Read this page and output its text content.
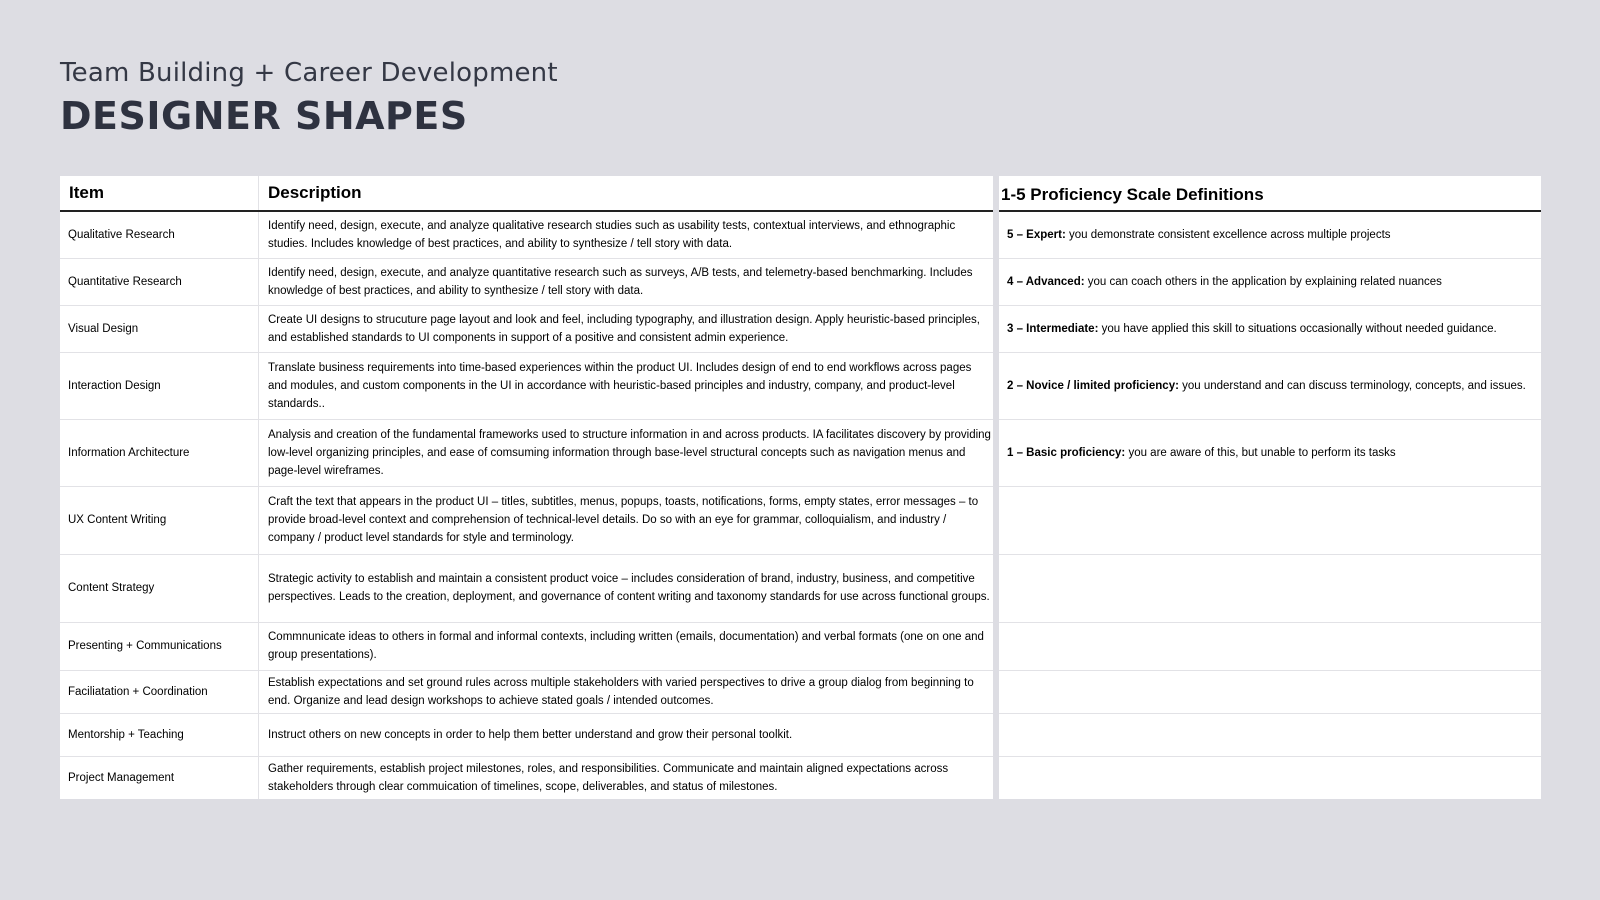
Team Building + Career Development
DESIGNER SHAPES
Item	Description
Qualitative Research	Identify need, design, execute, and analyze qualitative research studies such as usability tests, contextual interviews, and ethnographic studies. Includes knowledge of best practices, and ability to synthesize / tell story with data.
Quantitative Research	Identify need, design, execute, and analyze quantitative research such as surveys, A/B tests, and telemetry-based benchmarking. Includes knowledge of best practices, and ability to synthesize / tell story with data.
Visual Design	Create UI designs to strucuture page layout and look and feel, including typography, and illustration design. Apply heuristic-based principles, and established standards to UI components in support of a positive and consistent admin experience.
Interaction Design	Translate business requirements into time-based experiences within the product UI. Includes design of end to end workflows across pages and modules, and custom components in the UI in accordance with heuristic-based principles and industry, company, and product-level standards..
Information Architecture	Analysis and creation of the fundamental frameworks used to structure information in and across products. IA facilitates discovery by providing low-level organizing principles, and ease of comsuming information through base-level structural concepts such as navigation menus and page-level wireframes.
UX Content Writing	Craft the text that appears in the product UI – titles, subtitles, menus, popups, toasts, notifications, forms, empty states, error messages – to provide broad-level context and comprehension of technical-level details. Do so with an eye for grammar, colloquialism, and industry / company / product level standards for style and terminology.
Content Strategy	Strategic activity to establish and maintain a consistent product voice – includes consideration of brand, industry, business, and competitive perspectives. Leads to the creation, deployment, and governance of content writing and taxonomy standards for use across functional groups.
Presenting + Communications	Commnunicate ideas to others in formal and informal contexts, including written (emails, documentation) and verbal formats (one on one and group presentations).
Faciliatation + Coordination	Establish expectations and set ground rules across multiple stakeholders with varied perspectives to drive a group dialog from beginning to end. Organize and lead design workshops to achieve stated goals / intended outcomes.
Mentorship + Teaching	Instruct others on new concepts in order to help them better understand and grow their personal toolkit.
Project Management	Gather requirements, establish project milestones, roles, and responsibilities. Communicate and maintain aligned expectations across stakeholders through clear commuication of timelines, scope, deliverables, and status of milestones.
1-5 Proficiency Scale Definitions
5 – Expert: you demonstrate consistent excellence across multiple projects
4 – Advanced: you can coach others in the application by explaining related nuances
3 – Intermediate: you have applied this skill to situations occasionally without needed guidance.
2 – Novice / limited proficiency: you understand and can discuss terminology, concepts, and issues.
1 – Basic proficiency: you are aware of this, but unable to perform its tasks
